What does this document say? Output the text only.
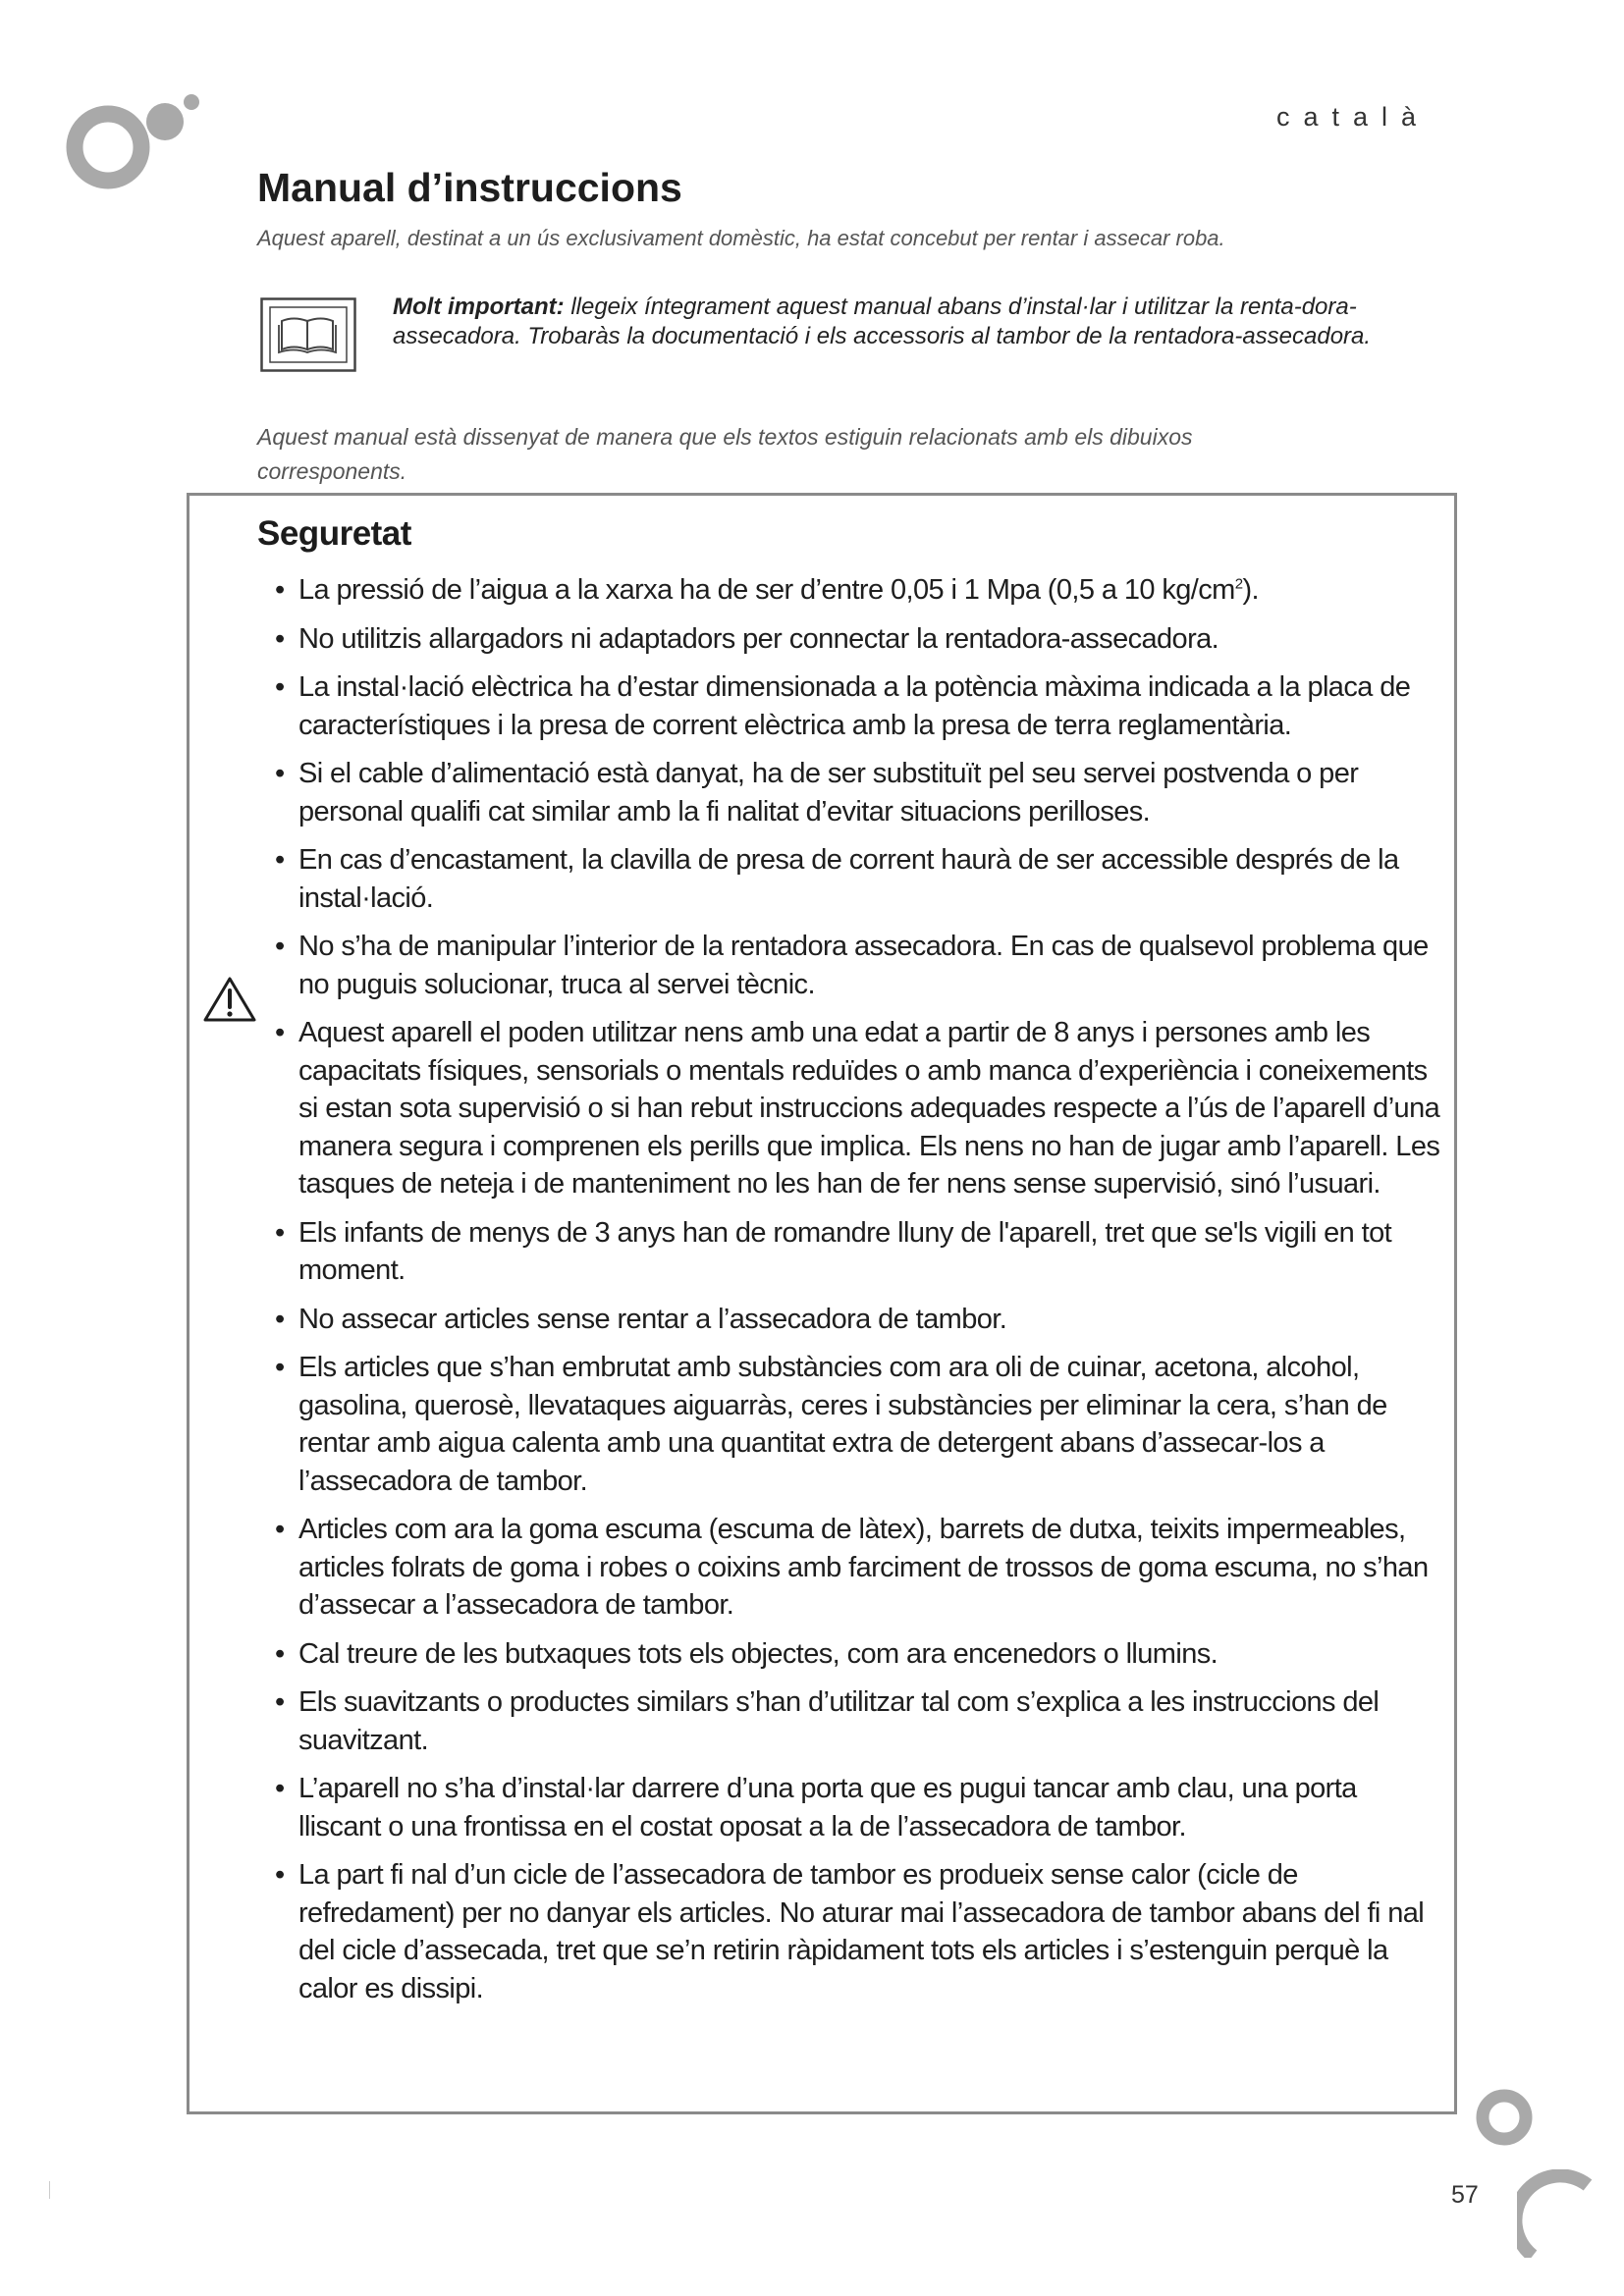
català
Manual d’instruccions
Aquest aparell, destinat a un ús exclusivament domèstic, ha estat concebut per rentar i assecar roba.
Molt important: llegeix íntegrament aquest manual abans d’instal·lar i utilitzar la renta-dora-assecadora. Trobaràs la documentació i els accessoris al tambor de la rentadora-assecadora.
Aquest manual està dissenyat de manera que els textos estiguin relacionats amb els dibuixos corresponents.
Seguretat
• La pressió de l’aigua a la xarxa ha de ser d’entre 0,05 i 1 Mpa (0,5 a 10 $kg/cm^2$).
• No utilitzis allargadors ni adaptadors per connectar la rentadora-assecadora.
• La instal·lació elèctrica ha d’estar dimensionada a la potència màxima indicada a la placa de característiques i la presa de corrent elèctrica amb la presa de terra reglamentària.
• Si el cable d’alimentació està danyat, ha de ser substituït pel seu servei postvenda o per personal qualifi cat similar amb la fi nalitat d’evitar situacions perilloses.
• En cas d’encastament, la clavilla de presa de corrent haurà de ser accessible després de la instal·lació.
• No s’ha de manipular l’interior de la rentadora assecadora. En cas de qualsevol problema que no puguis solucionar, truca al servei tècnic.
• Aquest aparell el poden utilitzar nens amb una edat a partir de 8 anys i persones amb les capacitats físiques, sensorials o mentals reduïdes o amb manca d’experiència i coneixements si estan sota supervisió o si han rebut instruccions adequades respecte a l’ús de l’aparell d’una manera segura i comprenen els perills que implica. Els nens no han de jugar amb l’aparell. Les tasques de neteja i de manteniment no les han de fer nens sense supervisió, sinó l’usuari.
• Els infants de menys de 3 anys han de romandre lluny de l'aparell, tret que se'ls vigili en tot moment.
• No assecar articles sense rentar a l’assecadora de tambor.
• Els articles que s’han embrutat amb substàncies com ara oli de cuinar, acetona, alcohol, gasolina, querosè, llevataques aiguarràs, ceres i substàncies per eliminar la cera, s’han de rentar amb aigua calenta amb una quantitat extra de detergent abans d’assecar-los a l’assecadora de tambor.
• Articles com ara la goma escuma (escuma de làtex), barrets de dutxa, teixits impermeables, articles folrats de goma i robes o coixins amb farciment de trossos de goma escuma, no s’han d’assecar a l’assecadora de tambor.
• Cal treure de les butxaques tots els objectes, com ara encenedors o llumins.
• Els suavitzants o productes similars s’han d’utilitzar tal com s’explica a les instruccions del suavitzant.
• L’aparell no s’ha d’instal·lar darrere d’una porta que es pugui tancar amb clau, una porta lliscant o una frontissa en el costat oposat a la de l’assecadora de tambor.
• La part fi nal d’un cicle de l’assecadora de tambor es produeix sense calor (cicle de refredament) per no danyar els articles. No aturar mai l’assecadora de tambor abans del fi nal del cicle d’assecada, tret que se’n retirin ràpidament tots els articles i s’estenguin perquè la calor es dissipi.
57
